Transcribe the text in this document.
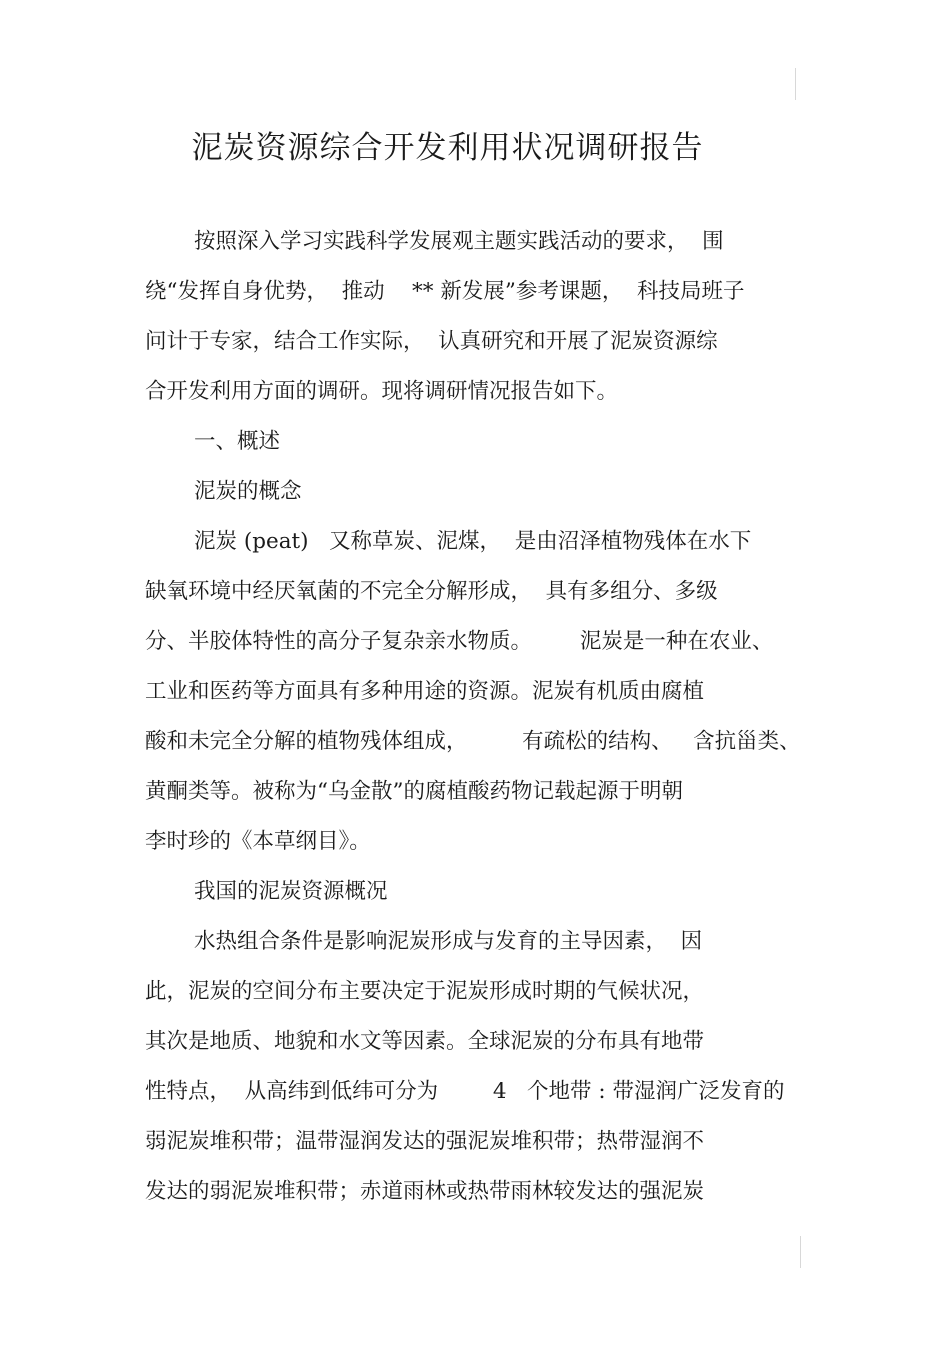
泥炭资源综合开发利用状况调研报告

按照深入学习实践科学发展观主题实践活动的要求，  围

绕“发挥自身优势，  推动    ** 新发展”参考课题，  科技局班子

问计于专家，结合工作实际，  认真研究和开展了泥炭资源综

合开发利用方面的调研。现将调研情况报告如下。

一、概述

泥炭的概念

泥炭 (peat)   又称草炭、泥煤，  是由沼泽植物残体在水下

缺氧环境中经厌氧菌的不完全分解形成，  具有多组分、多级

分、半胶体特性的高分子复杂亲水物质。       泥炭是一种在农业、

工业和医药等方面具有多种用途的资源。泥炭有机质由腐植

酸和未完全分解的植物残体组成，        有疏松的结构、   含抗甾类、

黄酮类等。被称为“乌金散”的腐植酸药物记载起源于明朝

李时珍的《本草纲目》。

我国的泥炭资源概况

水热组合条件是影响泥炭形成与发育的主导因素，  因

此，泥炭的空间分布主要决定于泥炭形成时期的气候状况，

其次是地质、地貌和水文等因素。全球泥炭的分布具有地带

性特点，  从高纬到低纬可分为        4   个地带 : 带湿润广泛发育的

弱泥炭堆积带；温带湿润发达的强泥炭堆积带；热带湿润不

发达的弱泥炭堆积带；赤道雨林或热带雨林较发达的强泥炭
